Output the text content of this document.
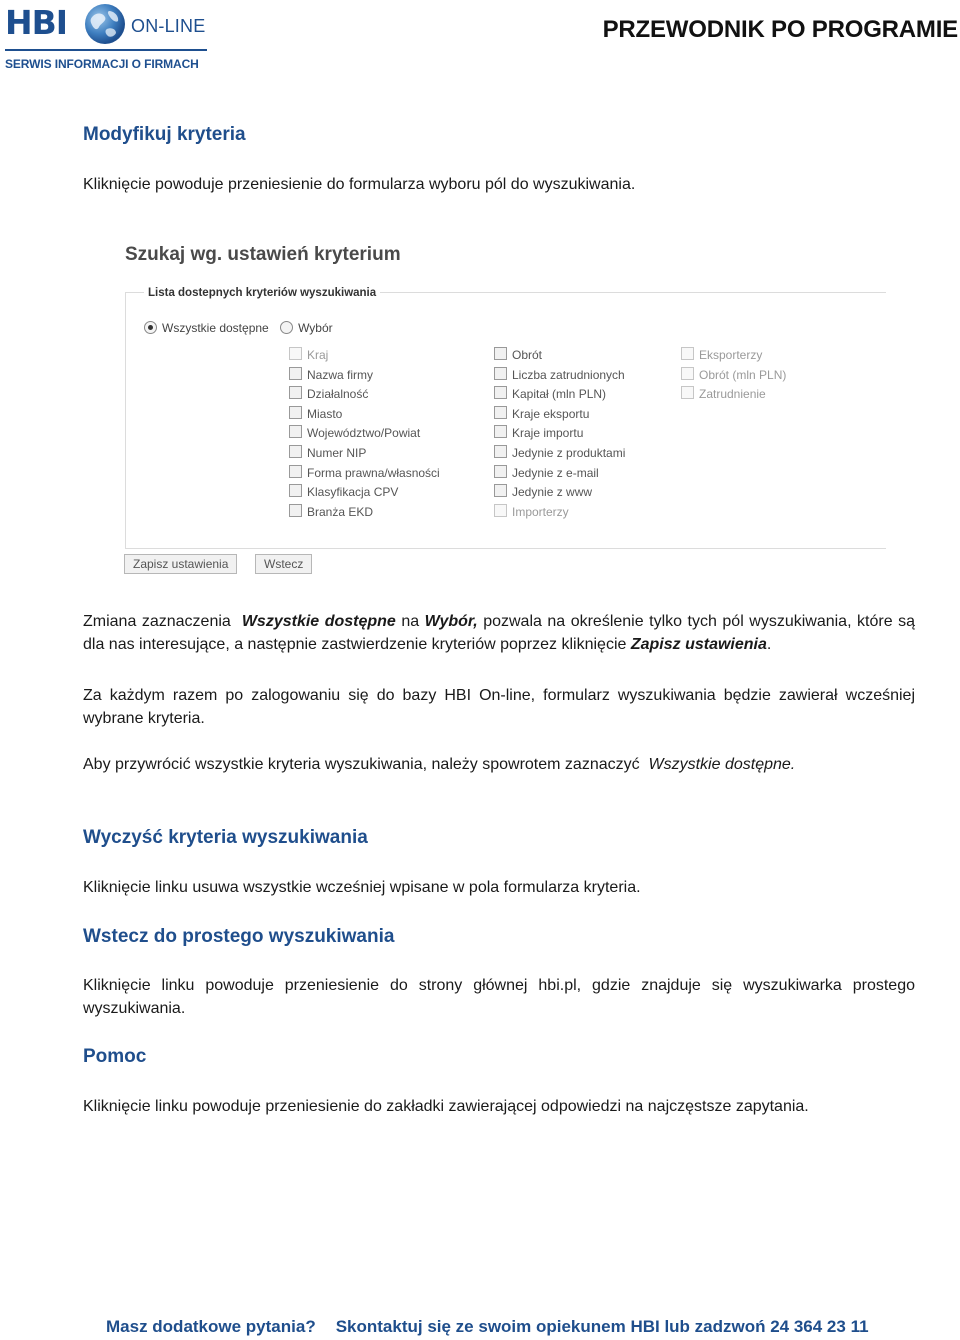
HBI	ON-LINE
SERWIS INFORMACJI O FIRMACH
PRZEWODNIK PO PROGRAMIE
Modyfikuj kryteria

Kliknięcie powoduje przeniesienie do formularza wyboru pól do wyszukiwania.

Szukaj wg. ustawień kryterium
Lista dostepnych kryteriów wyszukiwania
Wszystkie dostępne Wybór
Kraj
Nazwa firmy
Działalność
Miasto
Województwo/Powiat
Numer NIP
Forma prawna/własności
Klasyfikacja CPV
Branża EKD
Obrót
Liczba zatrudnionych
Kapitał (mln PLN)
Kraje eksportu
Kraje importu
Jedynie z produktami
Jedynie z e-mail
Jedynie z www
Importerzy
Eksporterzy
Obrót (mln PLN)
Zatrudnienie
Zapisz ustawienia	Wstecz

Zmiana zaznaczenia  Wszystkie dostępne na Wybór, pozwala na określenie tylko tych pól wyszukiwania, które są dla nas interesujące, a następnie zastwierdzenie kryteriów poprzez kliknięcie Zapisz ustawienia.

Za każdym razem po zalogowaniu się do bazy HBI On-line, formularz wyszukiwania będzie zawierał wcześniej wybrane kryteria.

Aby przywrócić wszystkie kryteria wyszukiwania, należy spowrotem zaznaczyć  Wszystkie dostępne.

Wyczyść kryteria wyszukiwania

Kliknięcie linku usuwa wszystkie wcześniej wpisane w pola formularza kryteria.

Wstecz do prostego wyszukiwania

Kliknięcie linku powoduje przeniesienie do strony głównej hbi.pl, gdzie znajduje się wyszukiwarka prostego wyszukiwania.

Pomoc

Kliknięcie linku powoduje przeniesienie do zakładki zawierającej odpowiedzi na najczęstsze zapytania.

Masz dodatkowe pytania? Skontaktuj się ze swoim opiekunem HBI lub zadzwoń 24 364 23 11
